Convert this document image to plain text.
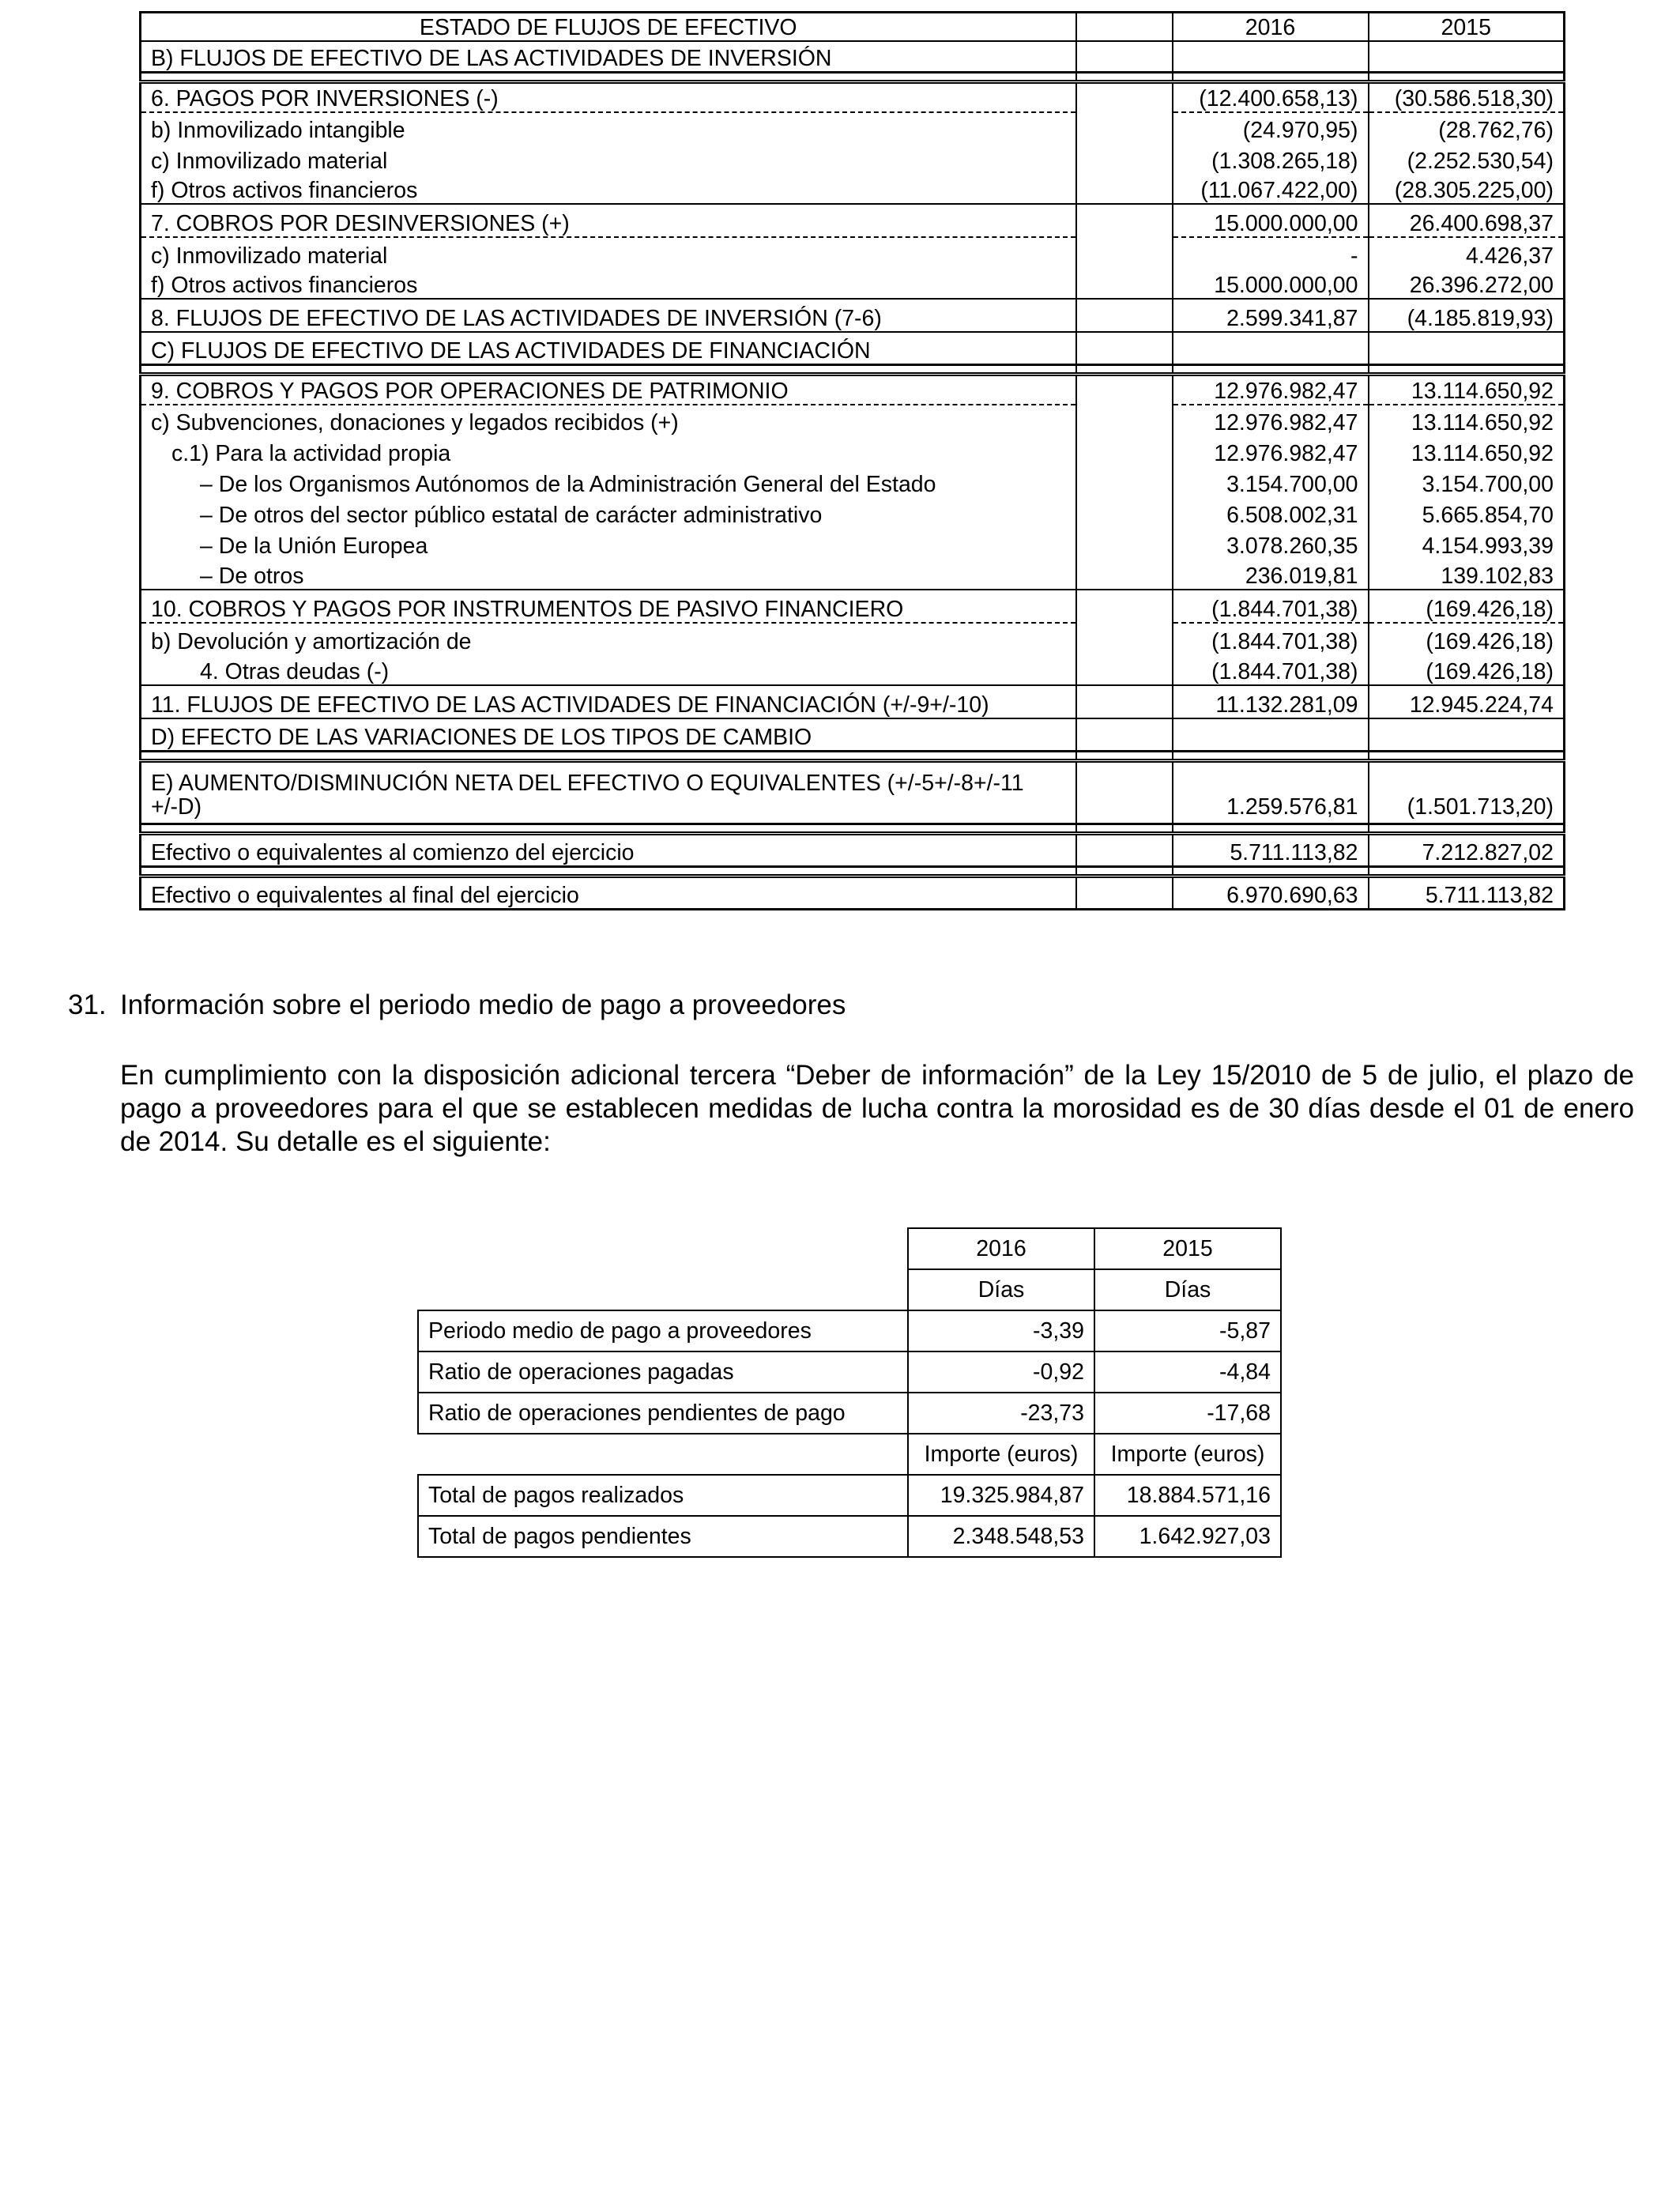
ESTADO DE FLUJOS DE EFECTIVO		2016	2015
B) FLUJOS DE EFECTIVO DE LAS ACTIVIDADES DE INVERSIÓN			

6. PAGOS POR INVERSIONES (-)		(12.400.658,13)	(30.586.518,30)
b) Inmovilizado intangible		(24.970,95)	(28.762,76)
c) Inmovilizado material		(1.308.265,18)	(2.252.530,54)
f) Otros activos financieros		(11.067.422,00)	(28.305.225,00)
7. COBROS POR DESINVERSIONES (+)		15.000.000,00	26.400.698,37
c) Inmovilizado material		-	4.426,37
f) Otros activos financieros		15.000.000,00	26.396.272,00
8. FLUJOS DE EFECTIVO DE LAS ACTIVIDADES DE INVERSIÓN (7-6)		2.599.341,87	(4.185.819,93)
C) FLUJOS DE EFECTIVO DE LAS ACTIVIDADES DE FINANCIACIÓN			

9. COBROS Y PAGOS POR OPERACIONES DE PATRIMONIO		12.976.982,47	13.114.650,92
c) Subvenciones, donaciones y legados recibidos (+)		12.976.982,47	13.114.650,92
c.1) Para la actividad propia		12.976.982,47	13.114.650,92
– De los Organismos Autónomos de la Administración General del Estado		3.154.700,00	3.154.700,00
– De otros del sector público estatal de carácter administrativo		6.508.002,31	5.665.854,70
– De la Unión Europea		3.078.260,35	4.154.993,39
– De otros		236.019,81	139.102,83
10. COBROS Y PAGOS POR INSTRUMENTOS DE PASIVO FINANCIERO		(1.844.701,38)	(169.426,18)
b) Devolución y amortización de		(1.844.701,38)	(169.426,18)
4. Otras deudas (-)		(1.844.701,38)	(169.426,18)
11. FLUJOS DE EFECTIVO DE LAS ACTIVIDADES DE FINANCIACIÓN (+/-9+/-10)		11.132.281,09	12.945.224,74
D) EFECTO DE LAS VARIACIONES DE LOS TIPOS DE CAMBIO			

E) AUMENTO/DISMINUCIÓN NETA DEL EFECTIVO O EQUIVALENTES (+/-5+/-8+/-11 +/-D)		1.259.576,81	(1.501.713,20)

Efectivo o equivalentes al comienzo del ejercicio		5.711.113,82	7.212.827,02

Efectivo o equivalentes al final del ejercicio		6.970.690,63	5.711.113,82
31. Información sobre el periodo medio de pago a proveedores

En cumplimiento con la disposición adicional tercera “Deber de información” de la Ley 15/2010 de 5 de julio, el plazo de pago a proveedores para el que se establecen medidas de lucha contra la morosidad es de 30 días desde el 01 de enero de 2014. Su detalle es el siguiente:

	2016	2015
	Días	Días
Periodo medio de pago a proveedores	-3,39	-5,87
Ratio de operaciones pagadas	-0,92	-4,84
Ratio de operaciones pendientes de pago	-23,73	-17,68
	Importe (euros)	Importe (euros)
Total de pagos realizados	19.325.984,87	18.884.571,16
Total de pagos pendientes	2.348.548,53	1.642.927,03
